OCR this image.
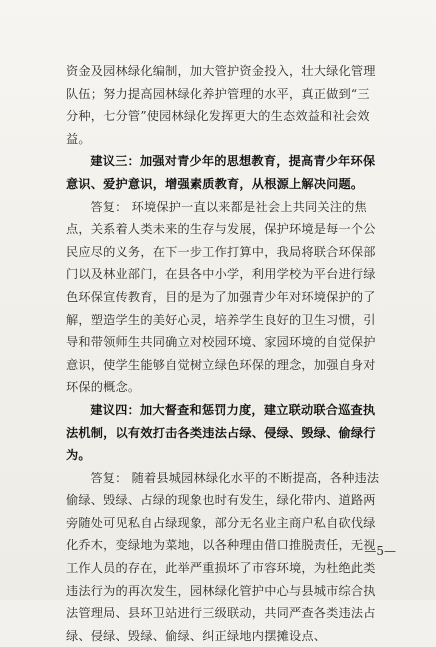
资金及园林绿化编制，加大管护资金投入，壮大绿化管理队伍；努力提高园林绿化养护管理的水平，真正做到“三分种，七分管”使园林绿化发挥更大的生态效益和社会效益。

建议三：加强对青少年的思想教育，提高青少年环保意识、爱护意识，增强素质教育，从根源上解决问题。

答复： 环境保护一直以来都是社会上共同关注的焦点，关系着人类未来的生存与发展，保护环境是每一个公民应尽的义务，在下一步工作打算中，我局将联合环保部门以及林业部门，在县各中小学，利用学校为平台进行绿色环保宣传教育，目的是为了加强青少年对环境保护的了解，塑造学生的美好心灵，培养学生良好的卫生习惯，引导和带领师生共同确立对校园环境、家园环境的自觉保护意识，使学生能够自觉树立绿色环保的理念，加强自身对环保的概念。

建议四：加大督查和惩罚力度，建立联动联合巡查执法机制，以有效打击各类违法占绿、侵绿、毁绿、偷绿行为。

答复： 随着县城园林绿化水平的不断提高，各种违法偷绿、毁绿、占绿的现象也时有发生，绿化带内、道路两旁随处可见私自占绿现象，部分无名业主商户私自砍伐绿化乔木，变绿地为菜地，以各种理由借口推脱责任，无视工作人员的存在，此举严重损坏了市容环境，为杜绝此类违法行为的再次发生，园林绿化管护中心与县城市综合执法管理局、县环卫站进行三级联动，共同严查各类违法占绿、侵绿、毁绿、偷绿、纠正绿地内摆摊设点、

—5—
